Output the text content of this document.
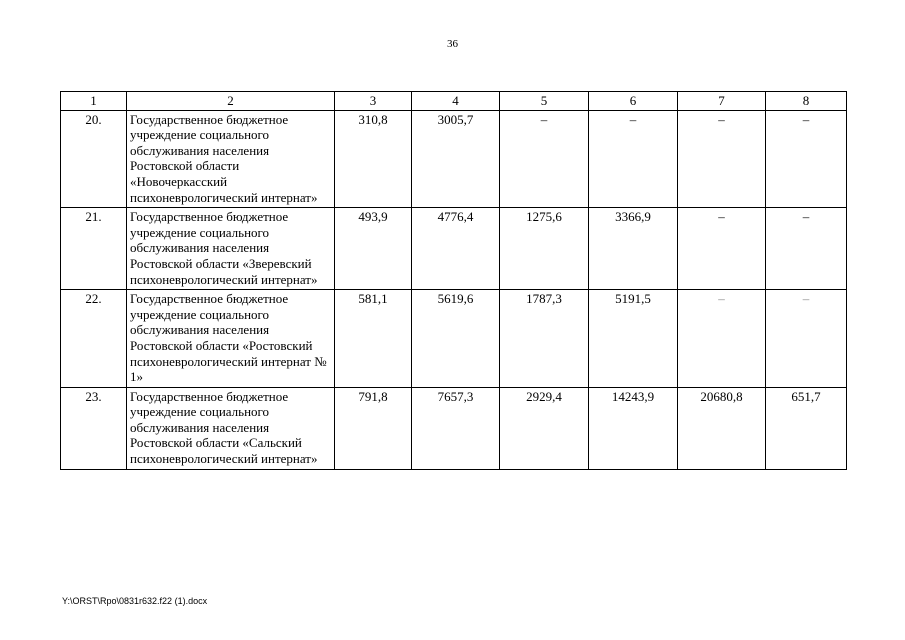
36
1	2	3	4	5	6	7	8
20.	Государственное бюджетное учреждение социального обслуживания населения Ростовской области «Новочеркасский психоневрологический интернат»	310,8	3005,7	–	–	–	–
21.	Государственное бюджетное учреждение социального обслуживания населения Ростовской области «Зверевский психоневрологический интернат»	493,9	4776,4	1275,6	3366,9	–	–
22.	Государственное бюджетное учреждение социального обслуживания населения Ростовской области «Ростовский психоневрологический интернат № 1»	581,1	5619,6	1787,3	5191,5	–	–
23.	Государственное бюджетное учреждение социального обслуживания населения Ростовской области «Сальский психоневрологический интернат»	791,8	7657,3	2929,4	14243,9	20680,8	651,7
Y:\ORST\Rpo\0831r632.f22 (1).docx
